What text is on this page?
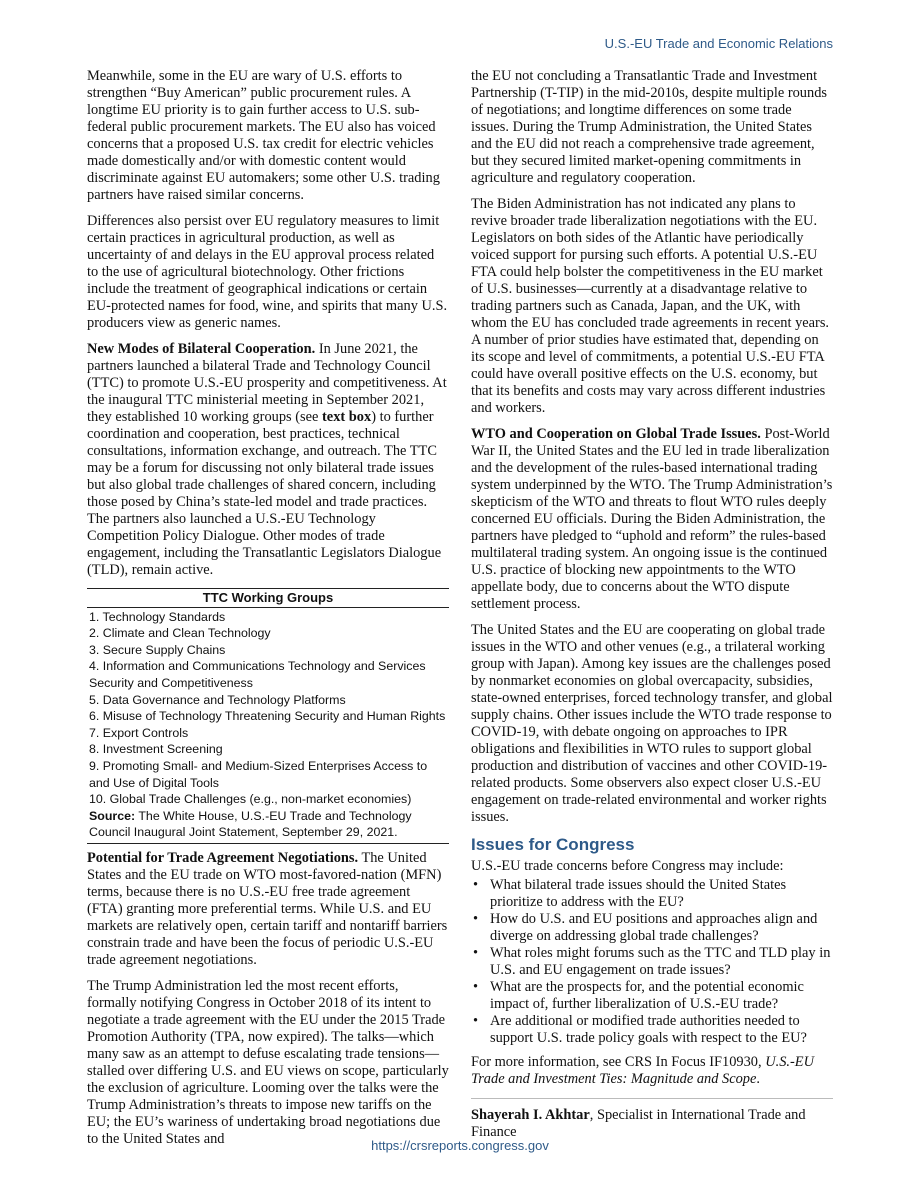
U.S.-EU Trade and Economic Relations

Meanwhile, some in the EU are wary of U.S. efforts to strengthen “Buy American” public procurement rules. A longtime EU priority is to gain further access to U.S. sub-federal public procurement markets. The EU also has voiced concerns that a proposed U.S. tax credit for electric vehicles made domestically and/or with domestic content would discriminate against EU automakers; some other U.S. trading partners have raised similar concerns.

Differences also persist over EU regulatory measures to limit certain practices in agricultural production, as well as uncertainty of and delays in the EU approval process related to the use of agricultural biotechnology. Other frictions include the treatment of geographical indications or certain EU-protected names for food, wine, and spirits that many U.S. producers view as generic names.

New Modes of Bilateral Cooperation. In June 2021, the partners launched a bilateral Trade and Technology Council (TTC) to promote U.S.-EU prosperity and competitiveness. At the inaugural TTC ministerial meeting in September 2021, they established 10 working groups (see text box) to further coordination and cooperation, best practices, technical consultations, information exchange, and outreach. The TTC may be a forum for discussing not only bilateral trade issues but also global trade challenges of shared concern, including those posed by China’s state-led model and trade practices. The partners also launched a U.S.-EU Technology Competition Policy Dialogue. Other modes of trade engagement, including the Transatlantic Legislators Dialogue (TLD), remain active.

TTC Working Groups
1. Technology Standards
2. Climate and Clean Technology
3. Secure Supply Chains
4. Information and Communications Technology and Services Security and Competitiveness
5. Data Governance and Technology Platforms
6. Misuse of Technology Threatening Security and Human Rights
7. Export Controls
8. Investment Screening
9. Promoting Small- and Medium-Sized Enterprises Access to and Use of Digital Tools
10. Global Trade Challenges (e.g., non-market economies)
Source: The White House, U.S.-EU Trade and Technology Council Inaugural Joint Statement, September 29, 2021.

Potential for Trade Agreement Negotiations. The United States and the EU trade on WTO most-favored-nation (MFN) terms, because there is no U.S.-EU free trade agreement (FTA) granting more preferential terms. While U.S. and EU markets are relatively open, certain tariff and nontariff barriers constrain trade and have been the focus of periodic U.S.-EU trade agreement negotiations.

The Trump Administration led the most recent efforts, formally notifying Congress in October 2018 of its intent to negotiate a trade agreement with the EU under the 2015 Trade Promotion Authority (TPA, now expired). The talks—which many saw as an attempt to defuse escalating trade tensions—stalled over differing U.S. and EU views on scope, particularly the exclusion of agriculture. Looming over the talks were the Trump Administration’s threats to impose new tariffs on the EU; the EU’s wariness of undertaking broad negotiations due to the United States and

the EU not concluding a Transatlantic Trade and Investment Partnership (T-TIP) in the mid-2010s, despite multiple rounds of negotiations; and longtime differences on some trade issues. During the Trump Administration, the United States and the EU did not reach a comprehensive trade agreement, but they secured limited market-opening commitments in agriculture and regulatory cooperation.

The Biden Administration has not indicated any plans to revive broader trade liberalization negotiations with the EU. Legislators on both sides of the Atlantic have periodically voiced support for pursing such efforts. A potential U.S.-EU FTA could help bolster the competitiveness in the EU market of U.S. businesses—currently at a disadvantage relative to trading partners such as Canada, Japan, and the UK, with whom the EU has concluded trade agreements in recent years. A number of prior studies have estimated that, depending on its scope and level of commitments, a potential U.S.-EU FTA could have overall positive effects on the U.S. economy, but that its benefits and costs may vary across different industries and workers.

WTO and Cooperation on Global Trade Issues. Post-World War II, the United States and the EU led in trade liberalization and the development of the rules-based international trading system underpinned by the WTO. The Trump Administration’s skepticism of the WTO and threats to flout WTO rules deeply concerned EU officials. During the Biden Administration, the partners have pledged to “uphold and reform” the rules-based multilateral trading system. An ongoing issue is the continued U.S. practice of blocking new appointments to the WTO appellate body, due to concerns about the WTO dispute settlement process.

The United States and the EU are cooperating on global trade issues in the WTO and other venues (e.g., a trilateral working group with Japan). Among key issues are the challenges posed by nonmarket economies on global overcapacity, subsidies, state-owned enterprises, forced technology transfer, and global supply chains. Other issues include the WTO trade response to COVID-19, with debate ongoing on approaches to IPR obligations and flexibilities in WTO rules to support global production and distribution of vaccines and other COVID-19-related products. Some observers also expect closer U.S.-EU engagement on trade-related environmental and worker rights issues.

Issues for Congress

U.S.-EU trade concerns before Congress may include:

• What bilateral trade issues should the United States prioritize to address with the EU?
• How do U.S. and EU positions and approaches align and diverge on addressing global trade challenges?
• What roles might forums such as the TTC and TLD play in U.S. and EU engagement on trade issues?
• What are the prospects for, and the potential economic impact of, further liberalization of U.S.-EU trade?
• Are additional or modified trade authorities needed to support U.S. trade policy goals with respect to the EU?

For more information, see CRS In Focus IF10930, U.S.-EU Trade and Investment Ties: Magnitude and Scope.

Shayerah I. Akhtar, Specialist in International Trade and Finance

https://crsreports.congress.gov
